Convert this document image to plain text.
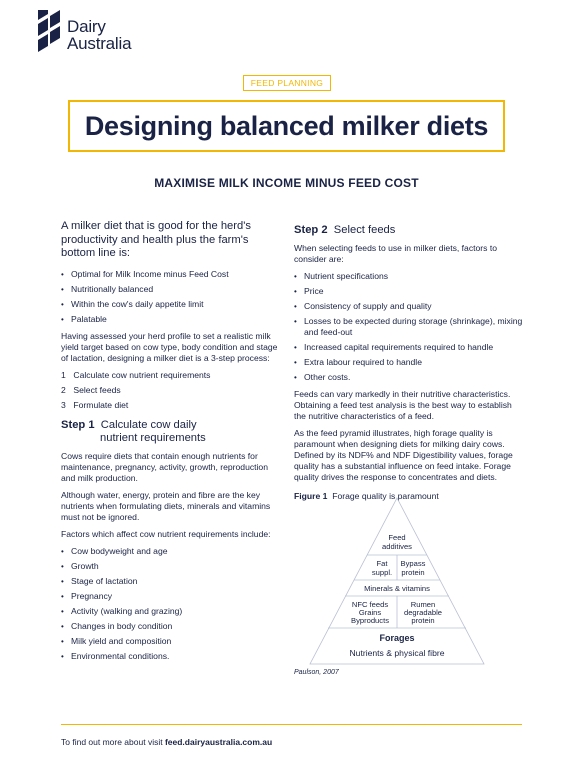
Dairy
Australia
FEED PLANNING
Designing balanced milker diets
MAXIMISE MILK INCOME MINUS FEED COST
A milker diet that is good for the herd's productivity and health plus the farm's bottom line is:
• Optimal for Milk Income minus Feed Cost
• Nutritionally balanced
• Within the cow's daily appetite limit
• Palatable

Having assessed your herd profile to set a realistic milk yield target based on cow type, body condition and stage of lactation, designing a milker diet is a 3-step process:

1 Calculate cow nutrient requirements
2 Select feeds
3 Formulate diet
Step 1 Calculate cow daily
nutrient requirements

Cows require diets that contain enough nutrients for maintenance, pregnancy, activity, growth, reproduction and milk production.

Although water, energy, protein and fibre are the key nutrients when formulating diets, minerals and vitamins must not be ignored.

Factors which affect cow nutrient requirements include:

• Cow bodyweight and age
• Growth
• Stage of lactation
• Pregnancy
• Activity (walking and grazing)
• Changes in body condition
• Milk yield and composition
• Environmental conditions.
Step 2 Select feeds

When selecting feeds to use in milker diets, factors to consider are:

• Nutrient specifications
• Price
• Consistency of supply and quality
• Losses to be expected during storage (shrinkage), mixing and feed-out
• Increased capital requirements required to handle
• Extra labour required to handle
• Other costs.

Feeds can vary markedly in their nutritive characteristics. Obtaining a feed test analysis is the best way to establish the nutritive characteristics of a feed.

As the feed pyramid illustrates, high forage quality is paramount when designing diets for milking dairy cows. Defined by its NDF% and NDF Digestibility values, forage quality has a substantial influence on feed intake. Forage quality drives the response to concentrates and diets.

Figure 1 Forage quality is paramount
Feed
additives
Fat
suppl.
Bypass
protein
Minerals & vitamins
NFC feeds
Grains
Byproducts
Rumen
degradable
protein
Forages
Nutrients & physical fibre
Paulson, 2007
To find out more about visit feed.dairyaustralia.com.au
